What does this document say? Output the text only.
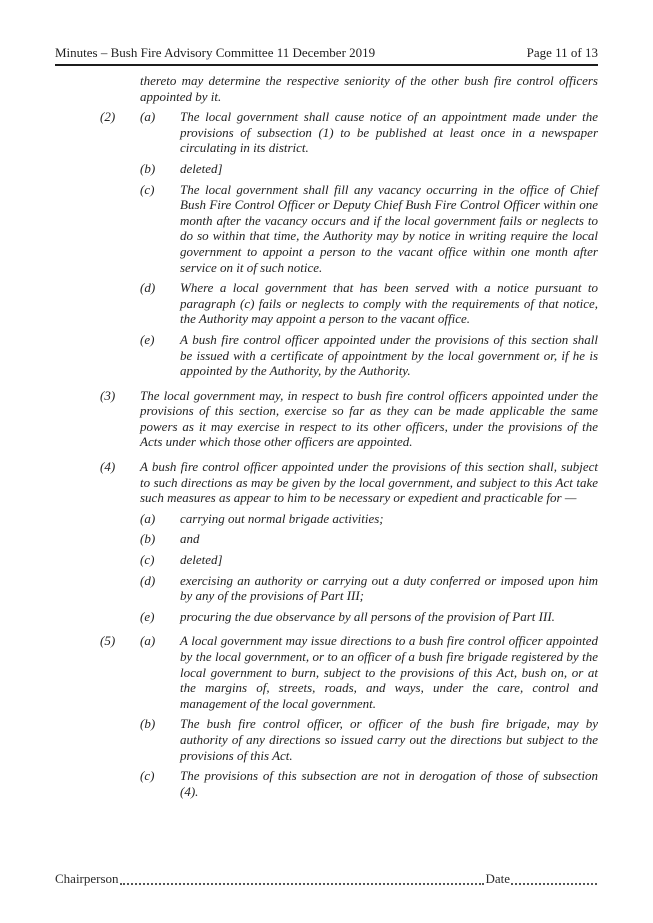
Minutes – Bush Fire Advisory Committee 11 December 2019	Page 11 of 13
thereto may determine the respective seniority of the other bush fire control officers appointed by it.
(2)	(a)	The local government shall cause notice of an appointment made under the provisions of subsection (1) to be published at least once in a newspaper circulating in its district.
(b)	deleted]
(c)	The local government shall fill any vacancy occurring in the office of Chief Bush Fire Control Officer or Deputy Chief Bush Fire Control Officer within one month after the vacancy occurs and if the local government fails or neglects to do so within that time, the Authority may by notice in writing require the local government to appoint a person to the vacant office within one month after service on it of such notice.
(d)	Where a local government that has been served with a notice pursuant to paragraph (c) fails or neglects to comply with the requirements of that notice, the Authority may appoint a person to the vacant office.
(e)	A bush fire control officer appointed under the provisions of this section shall be issued with a certificate of appointment by the local government or, if he is appointed by the Authority, by the Authority.
(3)	The local government may, in respect to bush fire control officers appointed under the provisions of this section, exercise so far as they can be made applicable the same powers as it may exercise in respect to its other officers, under the provisions of the Acts under which those other officers are appointed.
(4)	A bush fire control officer appointed under the provisions of this section shall, subject to such directions as may be given by the local government, and subject to this Act take such measures as appear to him to be necessary or expedient and practicable for —
(a)	carrying out normal brigade activities;
(b)	and
(c)	deleted]
(d)	exercising an authority or carrying out a duty conferred or imposed upon him by any of the provisions of Part III;
(e)	procuring the due observance by all persons of the provision of Part III.
(5)	(a)	A local government may issue directions to a bush fire control officer appointed by the local government, or to an officer of a bush fire brigade registered by the local government to burn, subject to the provisions of this Act, bush on, or at the margins of, streets, roads, and ways, under the care, control and management of the local government.
(b)	The bush fire control officer, or officer of the bush fire brigade, may by authority of any directions so issued carry out the directions but subject to the provisions of this Act.
(c)	The provisions of this subsection are not in derogation of those of subsection (4).
Chairperson	Date
